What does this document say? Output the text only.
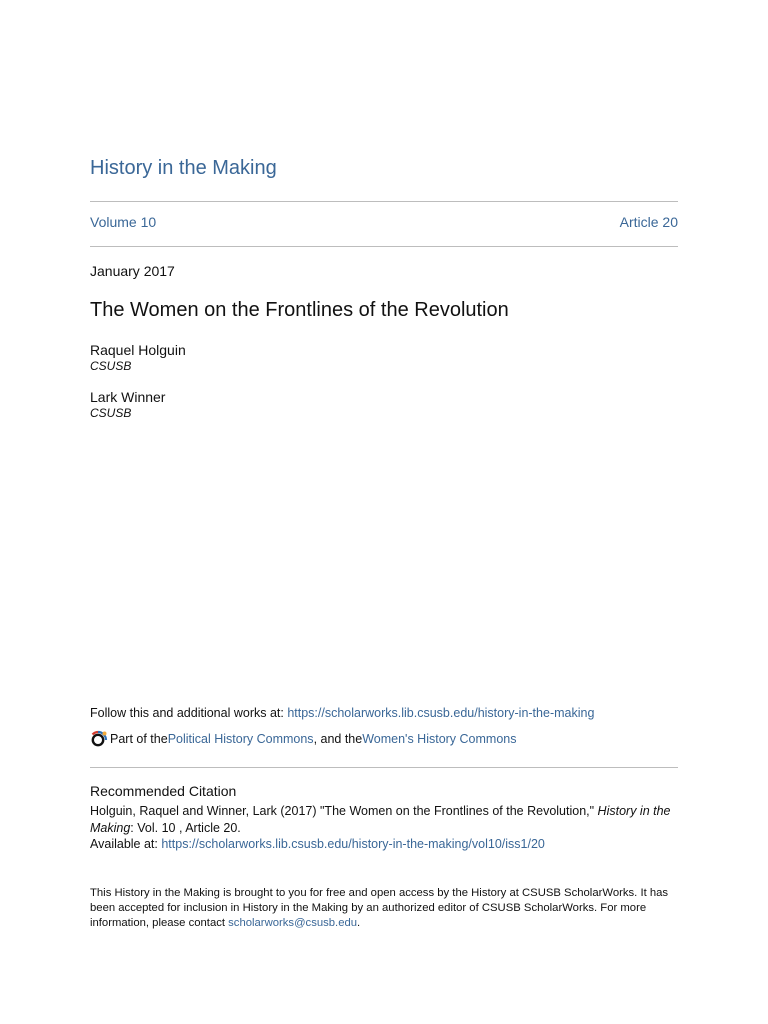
History in the Making
Volume 10	Article 20
January 2017
The Women on the Frontlines of the Revolution
Raquel Holguin
CSUSB
Lark Winner
CSUSB
Follow this and additional works at: https://scholarworks.lib.csusb.edu/history-in-the-making
Part of the Political History Commons , and the Women's History Commons
Recommended Citation
Holguin, Raquel and Winner, Lark (2017) "The Women on the Frontlines of the Revolution," History in the Making: Vol. 10 , Article 20.
Available at: https://scholarworks.lib.csusb.edu/history-in-the-making/vol10/iss1/20
This History in the Making is brought to you for free and open access by the History at CSUSB ScholarWorks. It has been accepted for inclusion in History in the Making by an authorized editor of CSUSB ScholarWorks. For more information, please contact scholarworks@csusb.edu.
